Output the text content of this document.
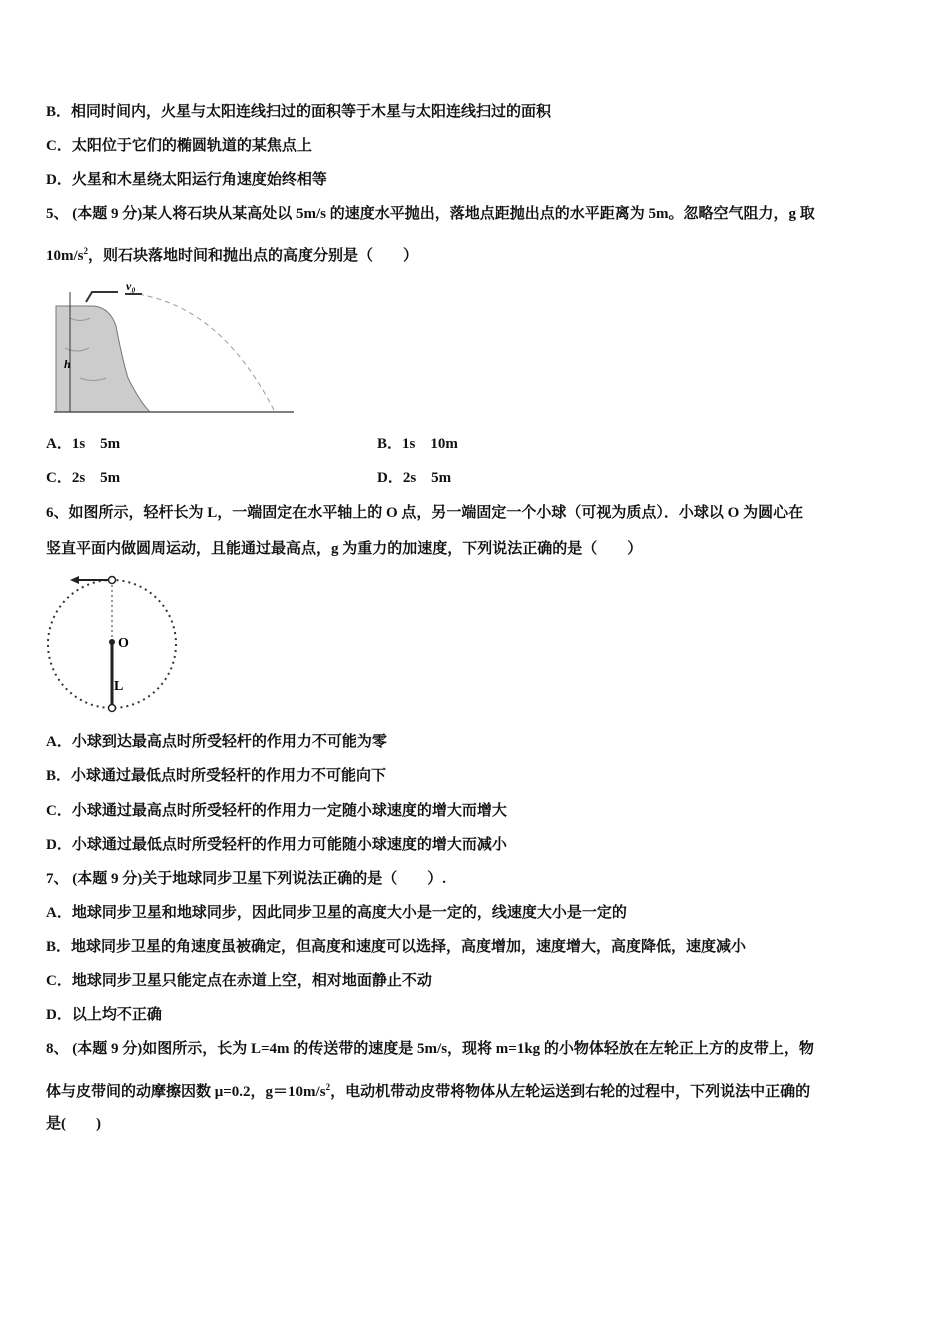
B．相同时间内，火星与太阳连线扫过的面积等于木星与太阳连线扫过的面积
C．太阳位于它们的椭圆轨道的某焦点上
D．火星和木星绕太阳运行角速度始终相等
5、 (本题 9 分)某人将石块从某高处以 5m/s 的速度水平抛出，落地点距抛出点的水平距离为 5m。忽略空气阻力，g 取
$10m/s^2$，则石块落地时间和抛出点的高度分别是（　　）
v₀
h
A．1s　5m	B．1s　10m
C．2s　5m	D．2s　5m
6、如图所示，轻杆长为 L，一端固定在水平轴上的 O 点，另一端固定一个小球（可视为质点）．小球以 O 为圆心在
竖直平面内做圆周运动，且能通过最高点，g 为重力的加速度，下列说法正确的是（　　）
O
L
A．小球到达最高点时所受轻杆的作用力不可能为零
B．小球通过最低点时所受轻杆的作用力不可能向下
C．小球通过最高点时所受轻杆的作用力一定随小球速度的增大而增大
D．小球通过最低点时所受轻杆的作用力可能随小球速度的增大而减小
7、 (本题 9 分)关于地球同步卫星下列说法正确的是（　　）.
A．地球同步卫星和地球同步，因此同步卫星的高度大小是一定的，线速度大小是一定的
B．地球同步卫星的角速度虽被确定，但高度和速度可以选择，高度增加，速度增大，高度降低，速度减小
C．地球同步卫星只能定点在赤道上空，相对地面静止不动
D．以上均不正确
8、 (本题 9 分)如图所示，长为 L=4m 的传送带的速度是 5m/s，现将 m=1kg 的小物体轻放在左轮正上方的皮带上，物
体与皮带间的动摩擦因数 μ=0.2，$g=10m/s^2$，电动机带动皮带将物体从左轮运送到右轮的过程中，下列说法中正确的
是(　　)
